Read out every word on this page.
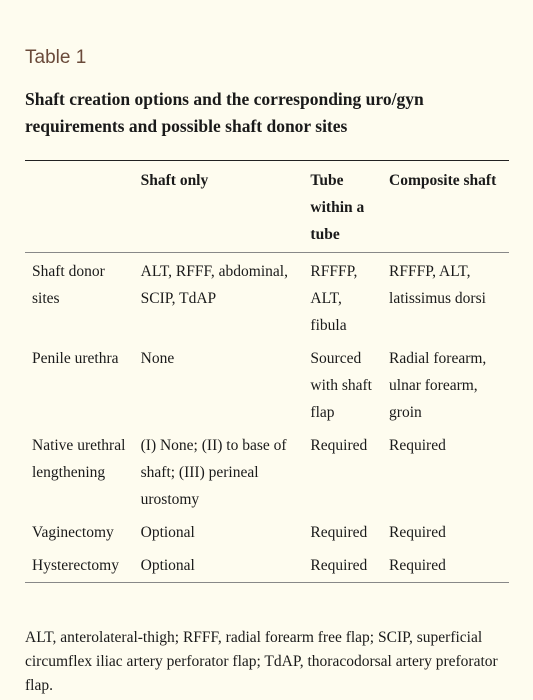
Table 1
Shaft creation options and the corresponding uro/gyn requirements and possible shaft donor sites
	Shaft only	Tube within a tube	Composite shaft
Shaft donor sites	ALT, RFFF, abdominal, SCIP, TdAP	RFFFP, ALT, fibula	RFFFP, ALT, latissimus dorsi
Penile urethra	None	Sourced with shaft flap	Radial forearm, ulnar forearm, groin
Native urethral lengthening	(I) None; (II) to base of shaft; (III) perineal urostomy	Required	Required
Vaginectomy	Optional	Required	Required
Hysterectomy	Optional	Required	Required
ALT, anterolateral-thigh; RFFF, radial forearm free flap; SCIP, superficial circumflex iliac artery perforator flap; TdAP, thoracodorsal artery preforator flap.
